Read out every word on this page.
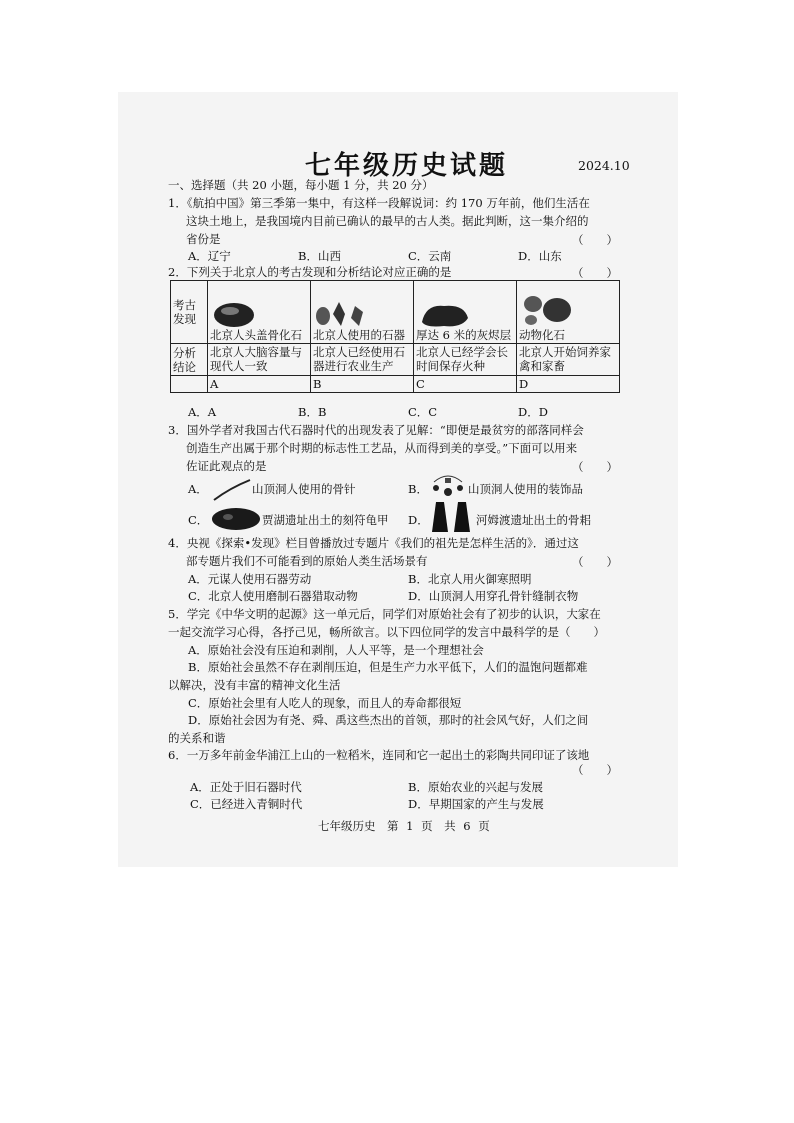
七年级历史试题	2024.10
一、选择题（共 20 小题，每小题 1 分，共 20 分）
1．《航拍中国》第三季第一集中，有这样一段解说词：约 170 万年前，他们生活在
这块土地上，是我国境内目前已确认的最早的古人类。据此判断，这一集介绍的
省份是	（　　）
A．辽宁	B．山西	C．云南	D．山东
2．下列关于北京人的考古发现和分析结论对应正确的是	（　　）
考古发现	北京人头盖骨化石	北京人使用的石器	厚达 6 米的灰烬层	动物化石
分析结论	北京人大脑容量与现代人一致	北京人已经使用石器进行农业生产	北京人已经学会长时间保存火种	北京人开始饲养家禽和家畜
	A	B	C	D
A．A	B．B	C．C	D．D
3．国外学者对我国古代石器时代的出现发表了见解：“即便是最贫穷的部落同样会
创造生产出属于那个时期的标志性工艺品，从而得到美的享受。”下面可以用来
佐证此观点的是	（　　）
A．	山顶洞人使用的骨针	B．	山顶洞人使用的装饰品
C．	贾湖遗址出土的刻符龟甲 D．	河姆渡遗址出土的骨耜
4．央视《探索•发现》栏目曾播放过专题片《我们的祖先是怎样生活的》．通过这
部专题片我们不可能看到的原始人类生活场景有	（　　）
A．元谋人使用石器劳动	B．北京人用火御寒照明
C．北京人使用磨制石器猎取动物	D．山顶洞人用穿孔骨针缝制衣物
5．学完《中华文明的起源》这一单元后，同学们对原始社会有了初步的认识，大家在
一起交流学习心得，各抒己见，畅所欲言。以下四位同学的发言中最科学的是（　　）
A．原始社会没有压迫和剥削，人人平等，是一个理想社会
B．原始社会虽然不存在剥削压迫，但是生产力水平低下，人们的温饱问题都难
以解决，没有丰富的精神文化生活
C．原始社会里有人吃人的现象，而且人的寿命都很短
D．原始社会因为有尧、舜、禹这些杰出的首领，那时的社会风气好，人们之间
的关系和谐
6．一万多年前金华浦江上山的一粒稻米，连同和它一起出土的彩陶共同印证了该地
（　　）
A．正处于旧石器时代	B．原始农业的兴起与发展
C．已经进入青铜时代	D．早期国家的产生与发展
七年级历史　第 1 页　共 6 页
